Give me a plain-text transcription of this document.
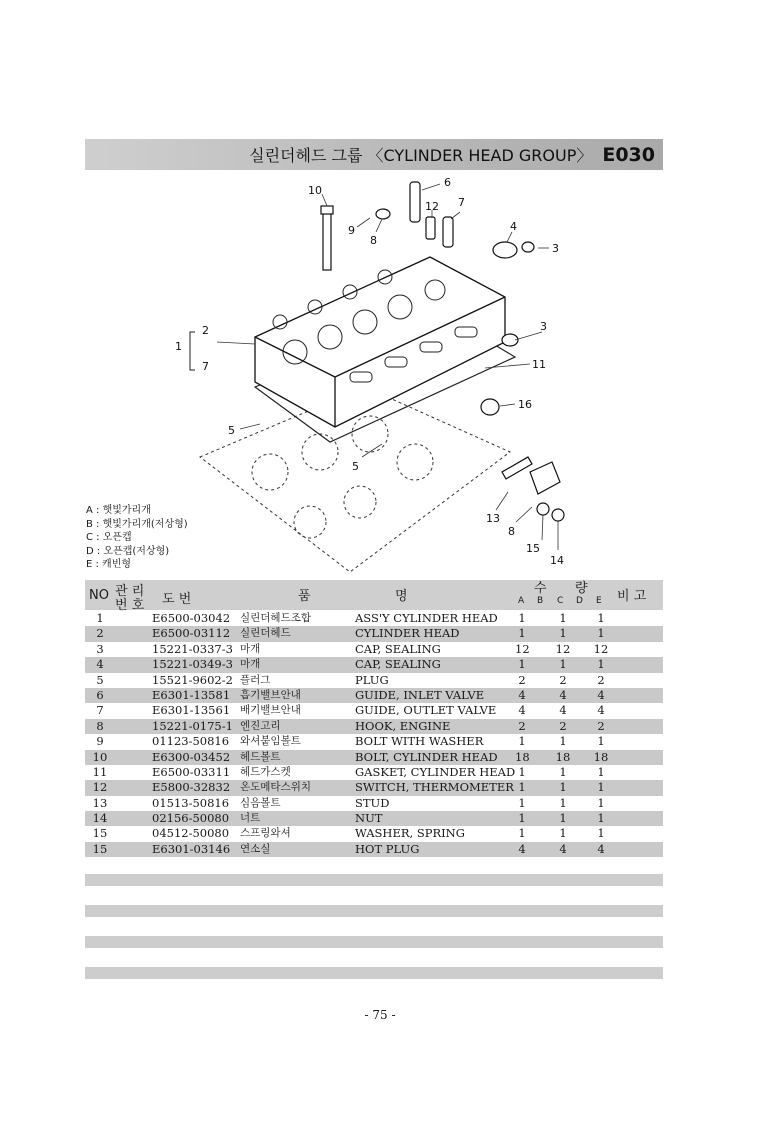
실린더헤드 그룹 〈CYLINDER HEAD GROUP〉 E030
10
6
12 7
9
8
4
3
2
1
7
3
11
16
5
5
13
8
15
14
A : 햇빛가리개
B : 햇빛가리개(저상형)
C : 오픈캡
D : 오픈캡(저상형)
E : 캐빈형
NO 관 리
번 호 도 번	품	명
수 량
A B C D E 비 고
1	E6500-03042 실린더헤드조합	ASS'Y CYLINDER HEAD 1	1	1
2	E6500-03112 실린더헤드	CYLINDER HEAD	1	1	1
3	15221-0337-3 마개	CAP, SEALING	12 12 12
4	15221-0349-3 마개	CAP, SEALING	1	1	1
5	15521-9602-2 플러그	PLUG	2	2	2
6	E6301-13581 흡기밸브안내	GUIDE, INLET VALVE	4	4	4
7	E6301-13561 배기밸브안내	GUIDE, OUTLET VALVE 4	4	4
8	15221-0175-1 엔진고리	HOOK, ENGINE	2	2	2
9	01123-50816 와셔붙임볼트	BOLT WITH WASHER	1	1	1
10	E6300-03452 헤드볼트	BOLT, CYLINDER HEAD 18 18 18
11	E6500-03311 헤드가스켓	GASKET, CYLINDER HEAD 1	1	1
12	E5800-32832 온도메타스위치	SWITCH, THERMOMETER 1	1	1
13	01513-50816 심음볼트	STUD	1	1	1
14	02156-50080 너트	NUT	1	1	1
15	04512-50080 스프링와셔	WASHER, SPRING	1	1	1
15	E6301-03146 연소실	HOT PLUG	4	4	4
- 75 -
